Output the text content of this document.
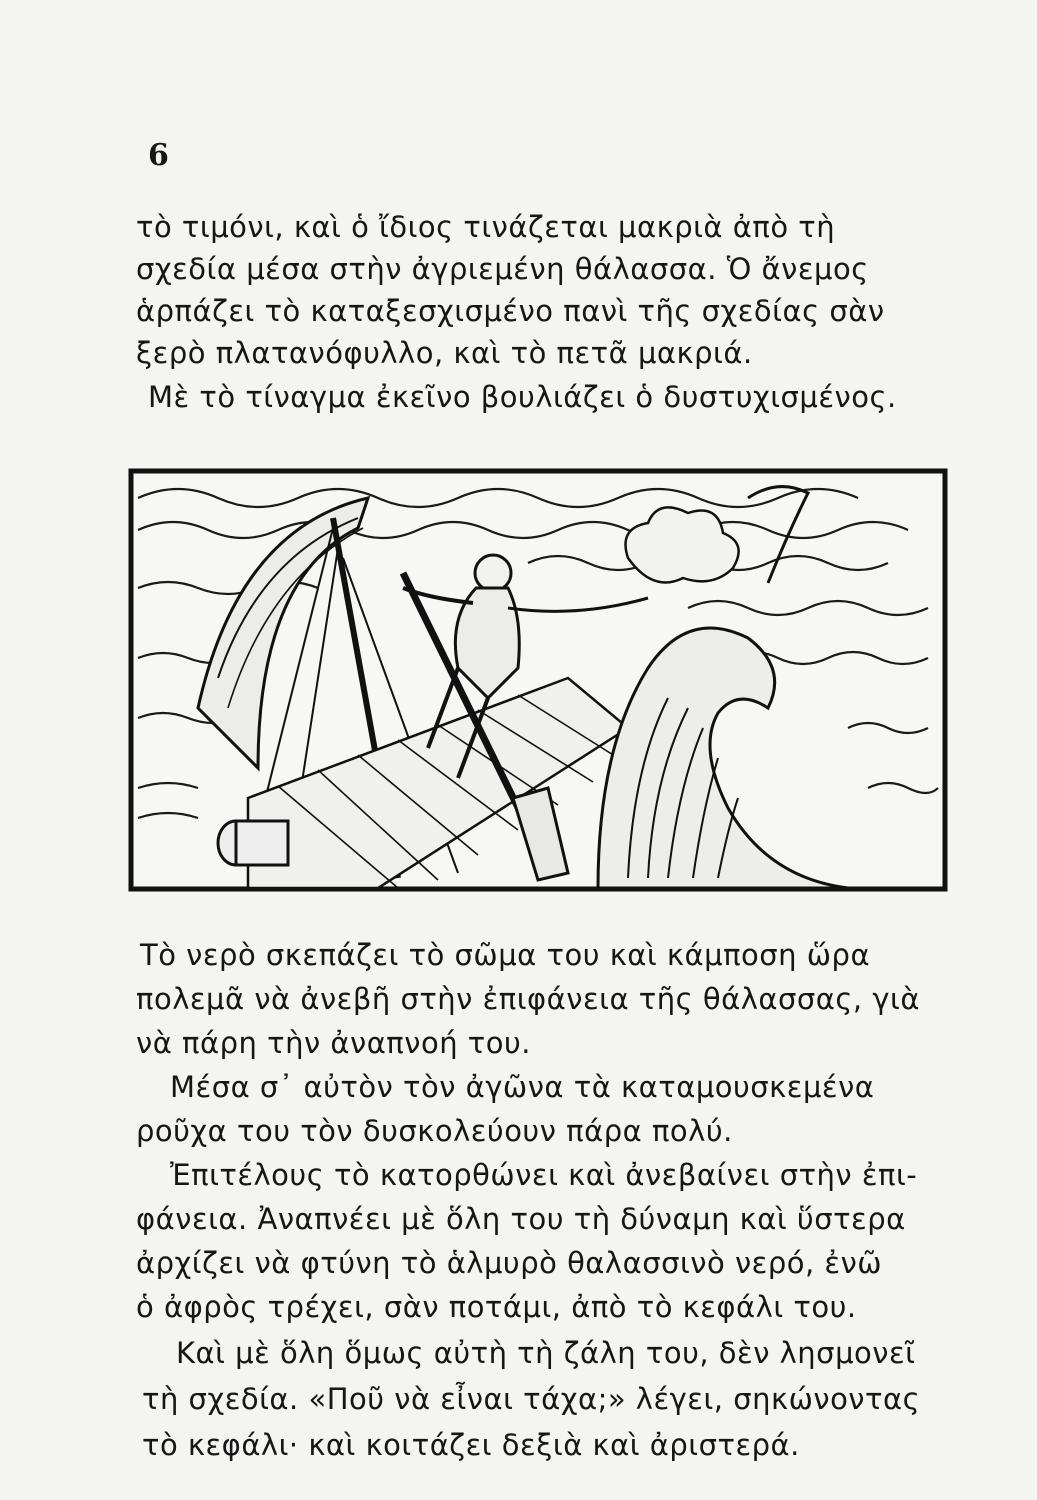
6
τὸ τιμόνι, καὶ ὁ ἴδιος τινάζεται μακριὰ ἀπὸ τὴ
σχεδία μέσα στὴν ἀγριεμένη θάλασσα. Ὁ ἄνεμος
ἁρπάζει τὸ καταξεσχισμένο πανὶ τῆς σχεδίας σὰν
ξερὸ πλατανόφυλλο, καὶ τὸ πετᾶ μακριά.
Μὲ τὸ τίναγμα ἐκεῖνο βουλιάζει ὁ δυστυχισμένος.
Τὸ νερὸ σκεπάζει τὸ σῶμα του καὶ κάμποση ὥρα
πολεμᾶ νὰ ἀνεβῆ στὴν ἐπιφάνεια τῆς θάλασσας, γιὰ
νὰ πάρη τὴν ἀναπνοή του.
Μέσα σ᾽ αὐτὸν τὸν ἀγῶνα τὰ καταμουσκεμένα
ροῦχα του τὸν δυσκολεύουν πάρα πολύ.
Ἐπιτέλους τὸ κατορθώνει καὶ ἀνεβαίνει στὴν ἐπι-
φάνεια. Ἀναπνέει μὲ ὅλη του τὴ δύναμη καὶ ὕστερα
ἀρχίζει νὰ φτύνη τὸ ἁλμυρὸ θαλασσινὸ νερό, ἐνῶ
ὁ ἀφρὸς τρέχει, σὰν ποτάμι, ἀπὸ τὸ κεφάλι του.
Καὶ μὲ ὅλη ὅμως αὐτὴ τὴ ζάλη του, δὲν λησμονεῖ
τὴ σχεδία. «Ποῦ νὰ εἶναι τάχα;» λέγει, σηκώνοντας
τὸ κεφάλι· καὶ κοιτάζει δεξιὰ καὶ ἀριστερά.
